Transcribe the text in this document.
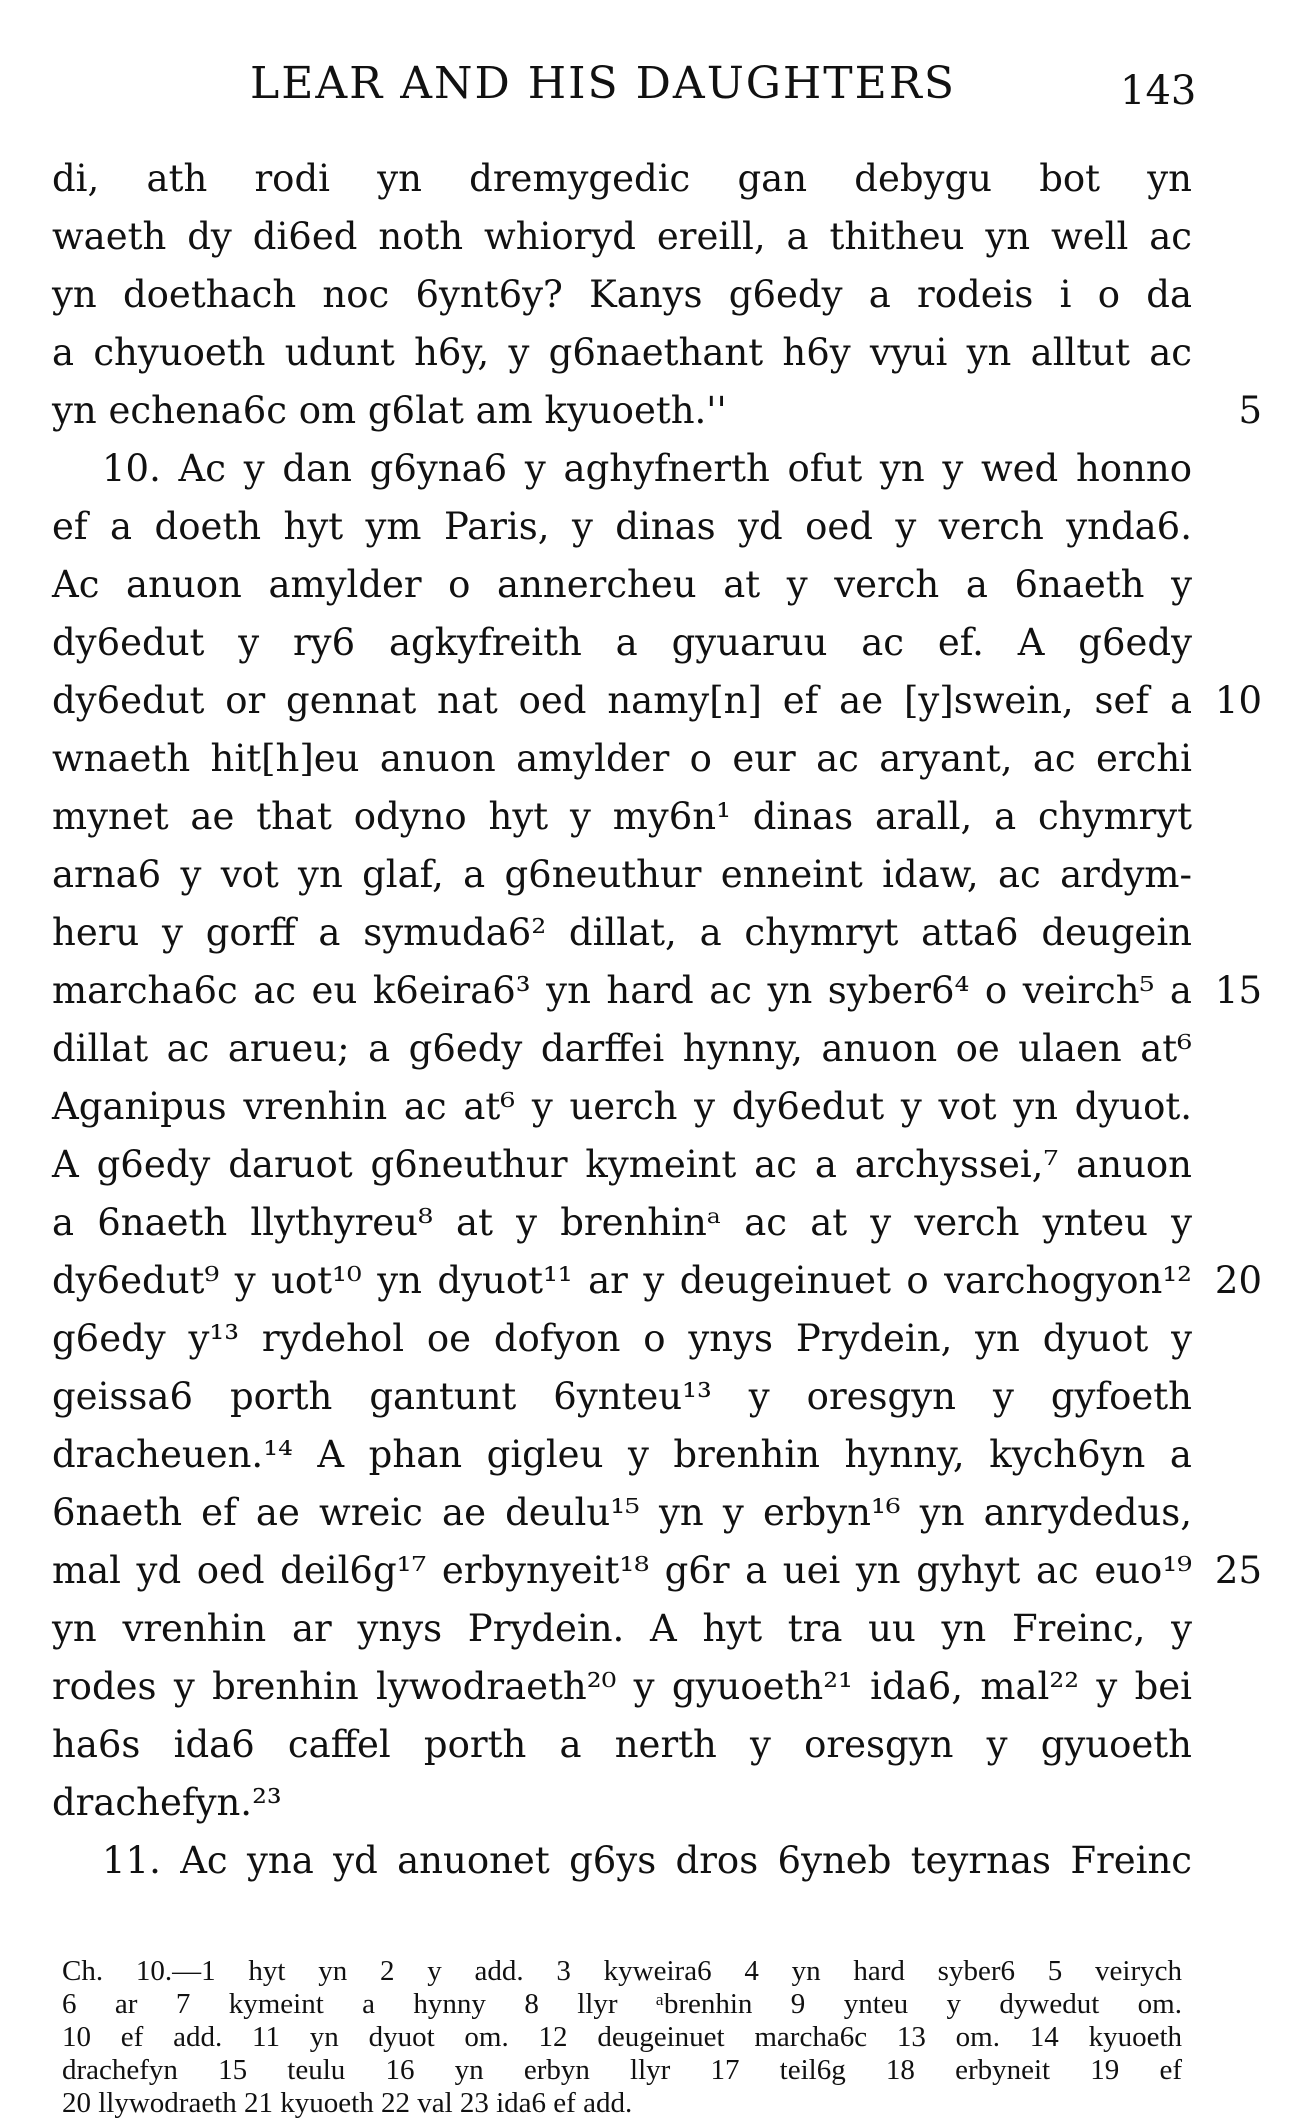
LEAR AND HIS DAUGHTERS	143
di, ath rodi yn dremygedic gan debygu bot yn
waeth dy di6ed noth whioryd ereill, a thitheu yn well ac
yn doethach noc 6ynt6y? Kanys g6edy a rodeis i o da
a chyuoeth udunt h6y, y g6naethant h6y vyui yn alltut ac
yn echena6c om g6lat am kyuoeth.''	5
10. Ac y dan g6yna6 y aghyfnerth ofut yn y wed honno
ef a doeth hyt ym Paris, y dinas yd oed y verch ynda6.
Ac anuon amylder o annercheu at y verch a 6naeth y
dy6edut y ry6 agkyfreith a gyuaruu ac ef. A g6edy
dy6edut or gennat nat oed namy[n] ef ae [y]swein, sef a 10
wnaeth hit[h]eu anuon amylder o eur ac aryant, ac erchi
mynet ae that odyno hyt y my6n¹ dinas arall, a chymryt
arna6 y vot yn glaf, a g6neuthur enneint idaw, ac ardym-
heru y gorff a symuda6² dillat, a chymryt atta6 deugein
marcha6c ac eu k6eira6³ yn hard ac yn syber6⁴ o veirch⁵ a 15
dillat ac arueu; a g6edy darffei hynny, anuon oe ulaen at⁶
Aganipus vrenhin ac at⁶ y uerch y dy6edut y vot yn dyuot.
A g6edy daruot g6neuthur kymeint ac a archyssei,⁷ anuon
a 6naeth llythyreu⁸ at y brenhinᵃ ac at y verch ynteu y
dy6edut⁹ y uot¹⁰ yn dyuot¹¹ ar y deugeinuet o varchogyon¹² 20
g6edy y¹³ rydehol oe dofyon o ynys Prydein, yn dyuot y
geissa6 porth gantunt 6ynteu¹³ y oresgyn y gyfoeth
dracheuen.¹⁴ A phan gigleu y brenhin hynny, kych6yn a
6naeth ef ae wreic ae deulu¹⁵ yn y erbyn¹⁶ yn anrydedus,
mal yd oed deil6g¹⁷ erbynyeit¹⁸ g6r a uei yn gyhyt ac euo¹⁹ 25
yn vrenhin ar ynys Prydein. A hyt tra uu yn Freinc, y
rodes y brenhin lywodraeth²⁰ y gyuoeth²¹ ida6, mal²² y bei
ha6s ida6 caffel porth a nerth y oresgyn y gyuoeth
drachefyn.²³
11. Ac yna yd anuonet g6ys dros 6yneb teyrnas Freinc
Ch. 10.—1 hyt yn 2 y add. 3 kyweira6 4 yn hard syber6 5 veirych
6 ar 7 kymeint a hynny 8 llyr ᵃbrenhin 9 ynteu y dywedut om.
10 ef add. 11 yn dyuot om. 12 deugeinuet marcha6c 13 om. 14 kyuoeth
drachefyn 15 teulu 16 yn erbyn llyr 17 teil6g 18 erbyneit 19 ef
20 llywodraeth 21 kyuoeth 22 val 23 ida6 ef add.
